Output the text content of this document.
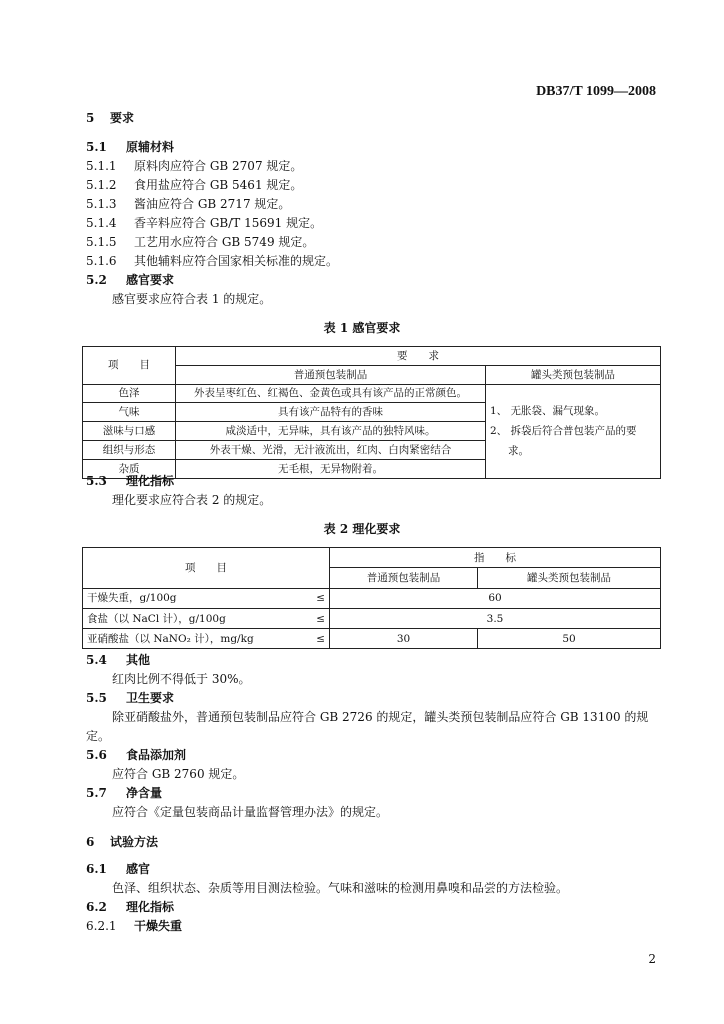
DB37/T 1099—2008
5 要求
5.1 原辅材料
5.1.1 原料肉应符合 GB 2707 规定。
5.1.2 食用盐应符合 GB 5461 规定。
5.1.3 酱油应符合 GB 2717 规定。
5.1.4 香辛料应符合 GB/T 15691 规定。
5.1.5 工艺用水应符合 GB 5749 规定。
5.1.6 其他辅料应符合国家相关标准的规定。
5.2 感官要求
感官要求应符合表 1 的规定。
表 1 感官要求
项　　目	要　　求	
	普通预包装制品	罐头类预包装制品
色泽	外表呈枣红色、红褐色、金黄色或具有该产品的正常颜色。	1、 无胀袋、漏气现象。
2、 拆袋后符合普包装产品的要求。

气味	具有该产品特有的香味	
滋味与口感	咸淡适中，无异味，具有该产品的独特风味。	
组织与形态	外表干燥、光滑，无汁液流出，红肉、白肉紧密结合	
杂质	无毛根，无异物附着。	
5.3 理化指标
理化要求应符合表 2 的规定。
表 2 理化要求
项　　目	指　　标	
	普通预包装制品	罐头类预包装制品
干燥失重，g/100g ≤	60	
食盐（以 NaCl 计），g/100g ≤	3.5	
亚硝酸盐（以 NaNO₂ 计），mg/kg ≤	30	50
5.4 其他
红肉比例不得低于 30%。
5.5 卫生要求
除亚硝酸盐外，普通预包装制品应符合 GB 2726 的规定，罐头类预包装制品应符合 GB 13100 的规
定。
5.6 食品添加剂
应符合 GB 2760 规定。
5.7 净含量
应符合《定量包装商品计量监督管理办法》的规定。
6 试验方法
6.1 感官
色泽、组织状态、杂质等用目测法检验。气味和滋味的检测用鼻嗅和品尝的方法检验。
6.2 理化指标
6.2.1 干燥失重
2
